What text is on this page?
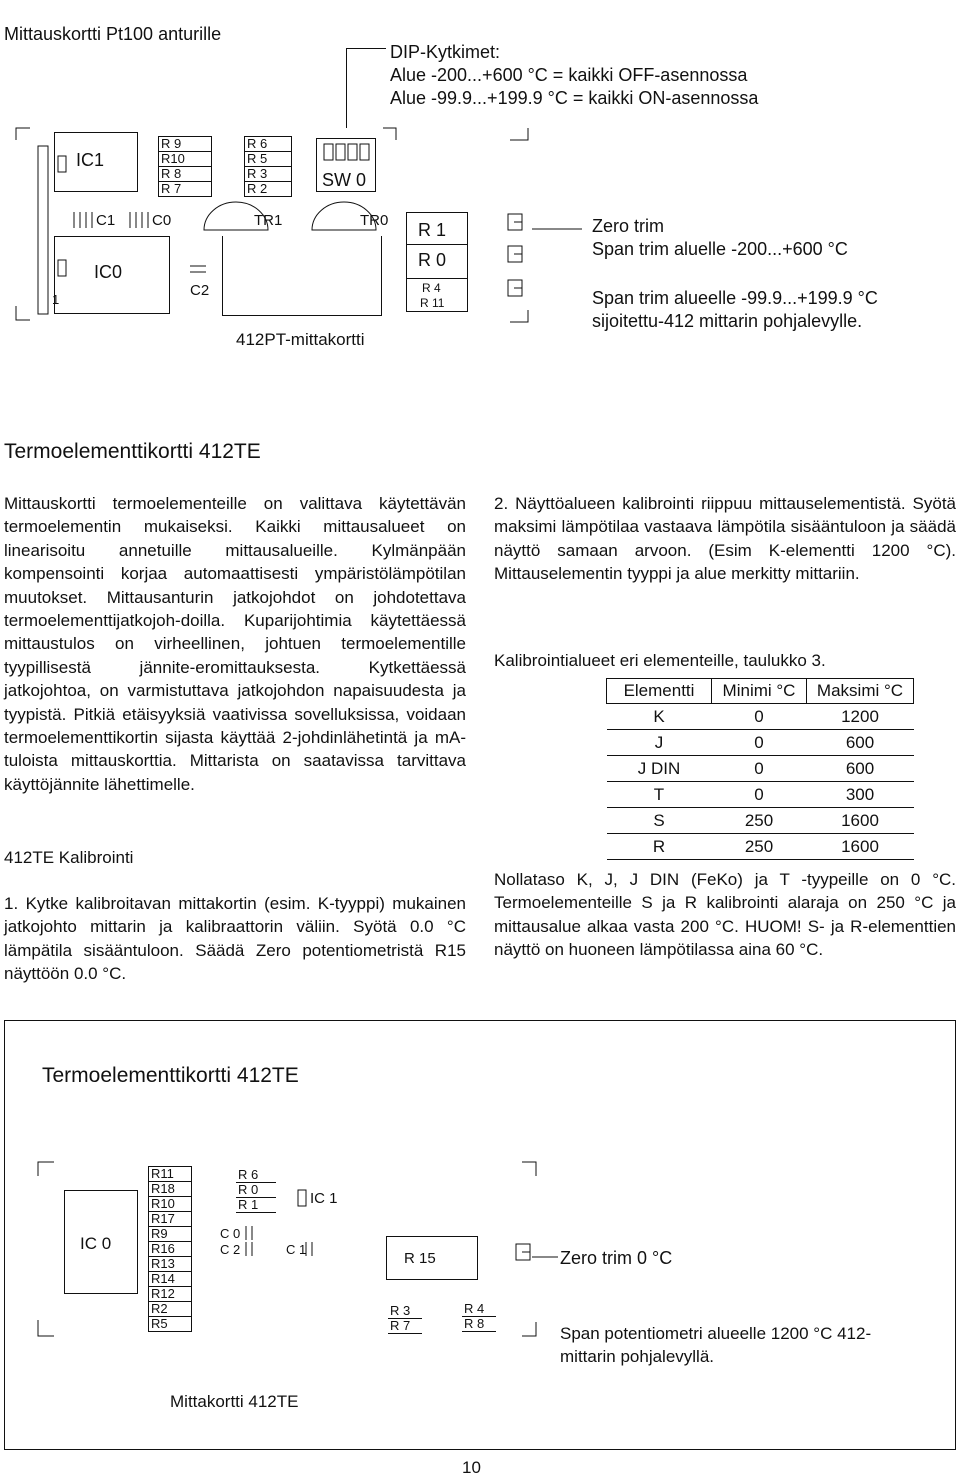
Mittauskortti Pt100 anturille
DIP-Kytkimet:
Alue -200...+600 °C = kaikki OFF-asennossa
Alue -99.9...+199.9 °C = kaikki ON-asennossa
IC1
R 9
R10
R 8
R 7
R 6
R 5
R 3
R 2	SW 0
C1 C0	TR1	TR0
IC0
C2
1
R 1
R 0
R 4
R 11
412PT-mittakortti
Zero trim
Span trim aluelle -200...+600 °C
Span trim alueelle -99.9...+199.9 °C
sijoitettu-412 mittarin pohjalevylle.
Termoelementtikortti 412TE

Mittauskortti termoelementeille on valittava käytettävän termoelementin mukaiseksi. Kaikki mittausalueet on linearisoitu annetuille mittausalueille. Kylmänpään kompensointi korjaa automaattisesti ympäristölämpötilan muutokset. Mittausanturin jatkojohdot on johdotettava termoelementtijatkojoh-doilla. Kuparijohtimia käytettäessä mittaustulos on virheellinen, johtuen termoelementille tyypillisestä jännite-eromittauksesta. Kytkettäessä jatkojohtoa, on varmistuttava jatkojohdon napaisuudesta ja tyypistä. Pitkiä etäisyyksiä vaativissa sovelluksissa, voidaan termoelementtikortin sijasta käyttää 2-johdinlähetintä ja mA-tuloista mittauskorttia. Mittarista on saatavissa tarvittava käyttöjännite lähettimelle.

412TE Kalibrointi

1. Kytke kalibroitavan mittakortin (esim. K-tyyppi) mukainen jatkojohto mittarin ja kalibraattorin väliin. Syötä 0.0 °C lämpätila sisääntuloon. Säädä Zero potentiometristä R15 näyttöön 0.0 °C.

2. Näyttöalueen kalibrointi riippuu mittauselementistä. Syötä maksimi lämpötilaa vastaava lämpötila sisääntuloon ja säädä näyttö samaan arvoon. (Esim K-elementti 1200 °C). Mittauselementin tyyppi ja alue merkitty mittariin.

Kalibrointialueet eri elementeille, taulukko 3.
Elementti	Minimi °C	Maksimi °C
K	0	1200
J	0	600
J DIN	0	600
T	0	300
S	250	1600
R	250	1600

Nollataso K, J, J DIN (FeKo) ja T -tyypeille on 0 °C. Termoelementeille S ja R kalibrointi alaraja on 250 °C ja mittausalue alkaa vasta 200 °C. HUOM! S- ja R-elementtien näyttö on huoneen lämpötilassa aina 60 °C.

Termoelementtikortti 412TE
IC 0
R11
R18
R10
R17
R9
R16
R13
R14
R12
R2
R5
R 6
R 0
R 1
C 0
C 2	C 1
IC 1
R 15
R 3
R 7
R 4
R 8
Zero trim 0 °C
Span potentiometri alueelle 1200 °C 412-mittarin pohjalevyllä.
Mittakortti 412TE
10
